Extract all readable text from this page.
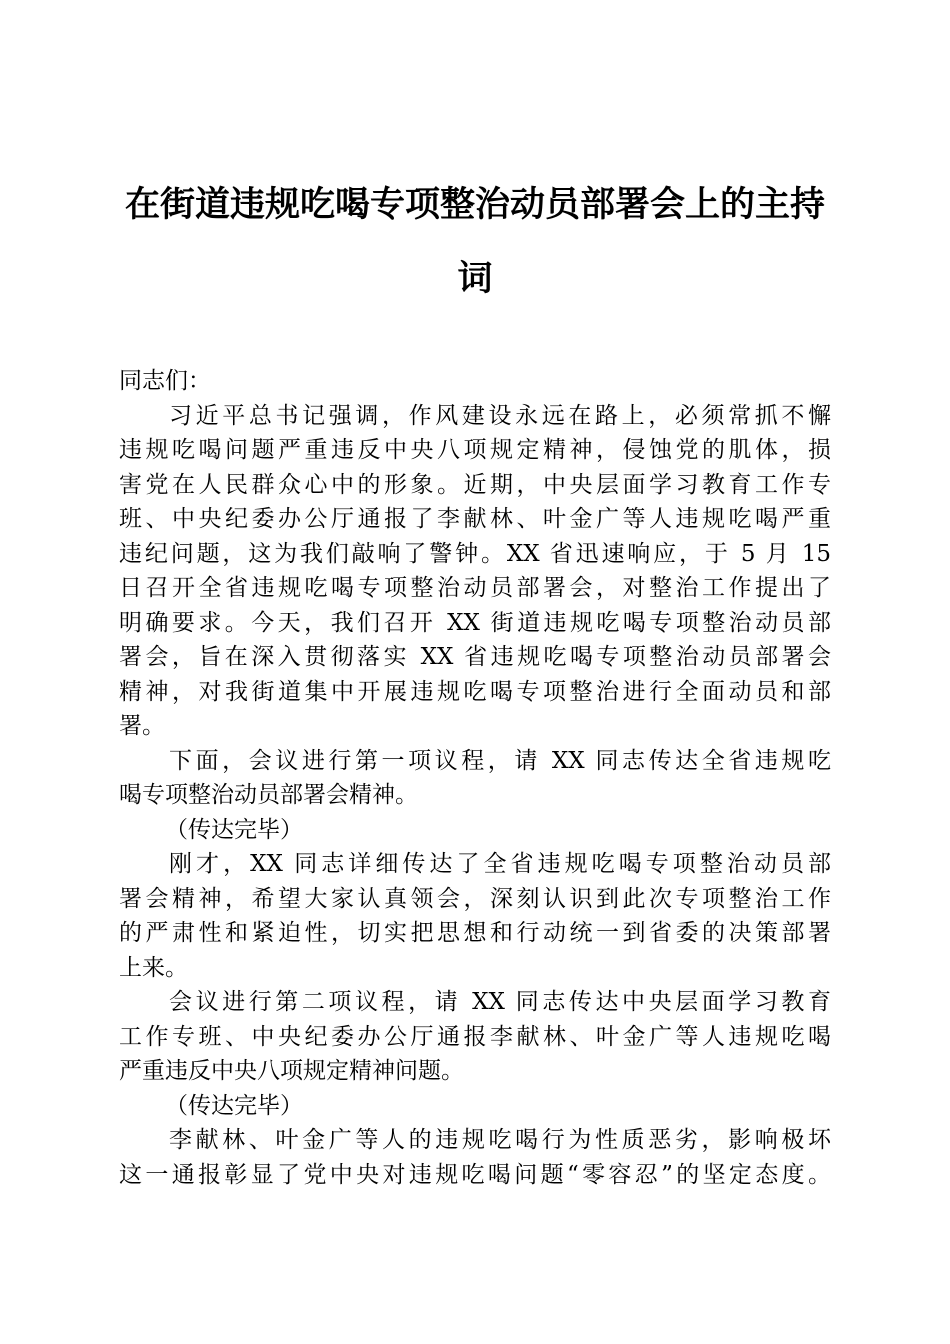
在街道违规吃喝专项整治动员部署会上的主持
词
同志们：
习近平总书记强调，作风建设永远在路上，必须常抓不懈
违规吃喝问题严重违反中央八项规定精神，侵蚀党的肌体，损
害党在人民群众心中的形象。近期，中央层面学习教育工作专
班、中央纪委办公厅通报了李献林、叶金广等人违规吃喝严重
违纪问题，这为我们敲响了警钟。XX 省迅速响应，于 5 月 15
日召开全省违规吃喝专项整治动员部署会，对整治工作提出了
明确要求。今天，我们召开 XX 街道违规吃喝专项整治动员部
署会，旨在深入贯彻落实 XX 省违规吃喝专项整治动员部署会
精神，对我街道集中开展违规吃喝专项整治进行全面动员和部
署。
下面，会议进行第一项议程，请 XX 同志传达全省违规吃
喝专项整治动员部署会精神。
（传达完毕）
刚才，XX 同志详细传达了全省违规吃喝专项整治动员部
署会精神，希望大家认真领会，深刻认识到此次专项整治工作
的严肃性和紧迫性，切实把思想和行动统一到省委的决策部署
上来。
会议进行第二项议程，请 XX 同志传达中央层面学习教育
工作专班、中央纪委办公厅通报李献林、叶金广等人违规吃喝
严重违反中央八项规定精神问题。
（传达完毕）
李献林、叶金广等人的违规吃喝行为性质恶劣，影响极坏
这一通报彰显了党中央对违规吃喝问题“零容忍”的坚定态度。
